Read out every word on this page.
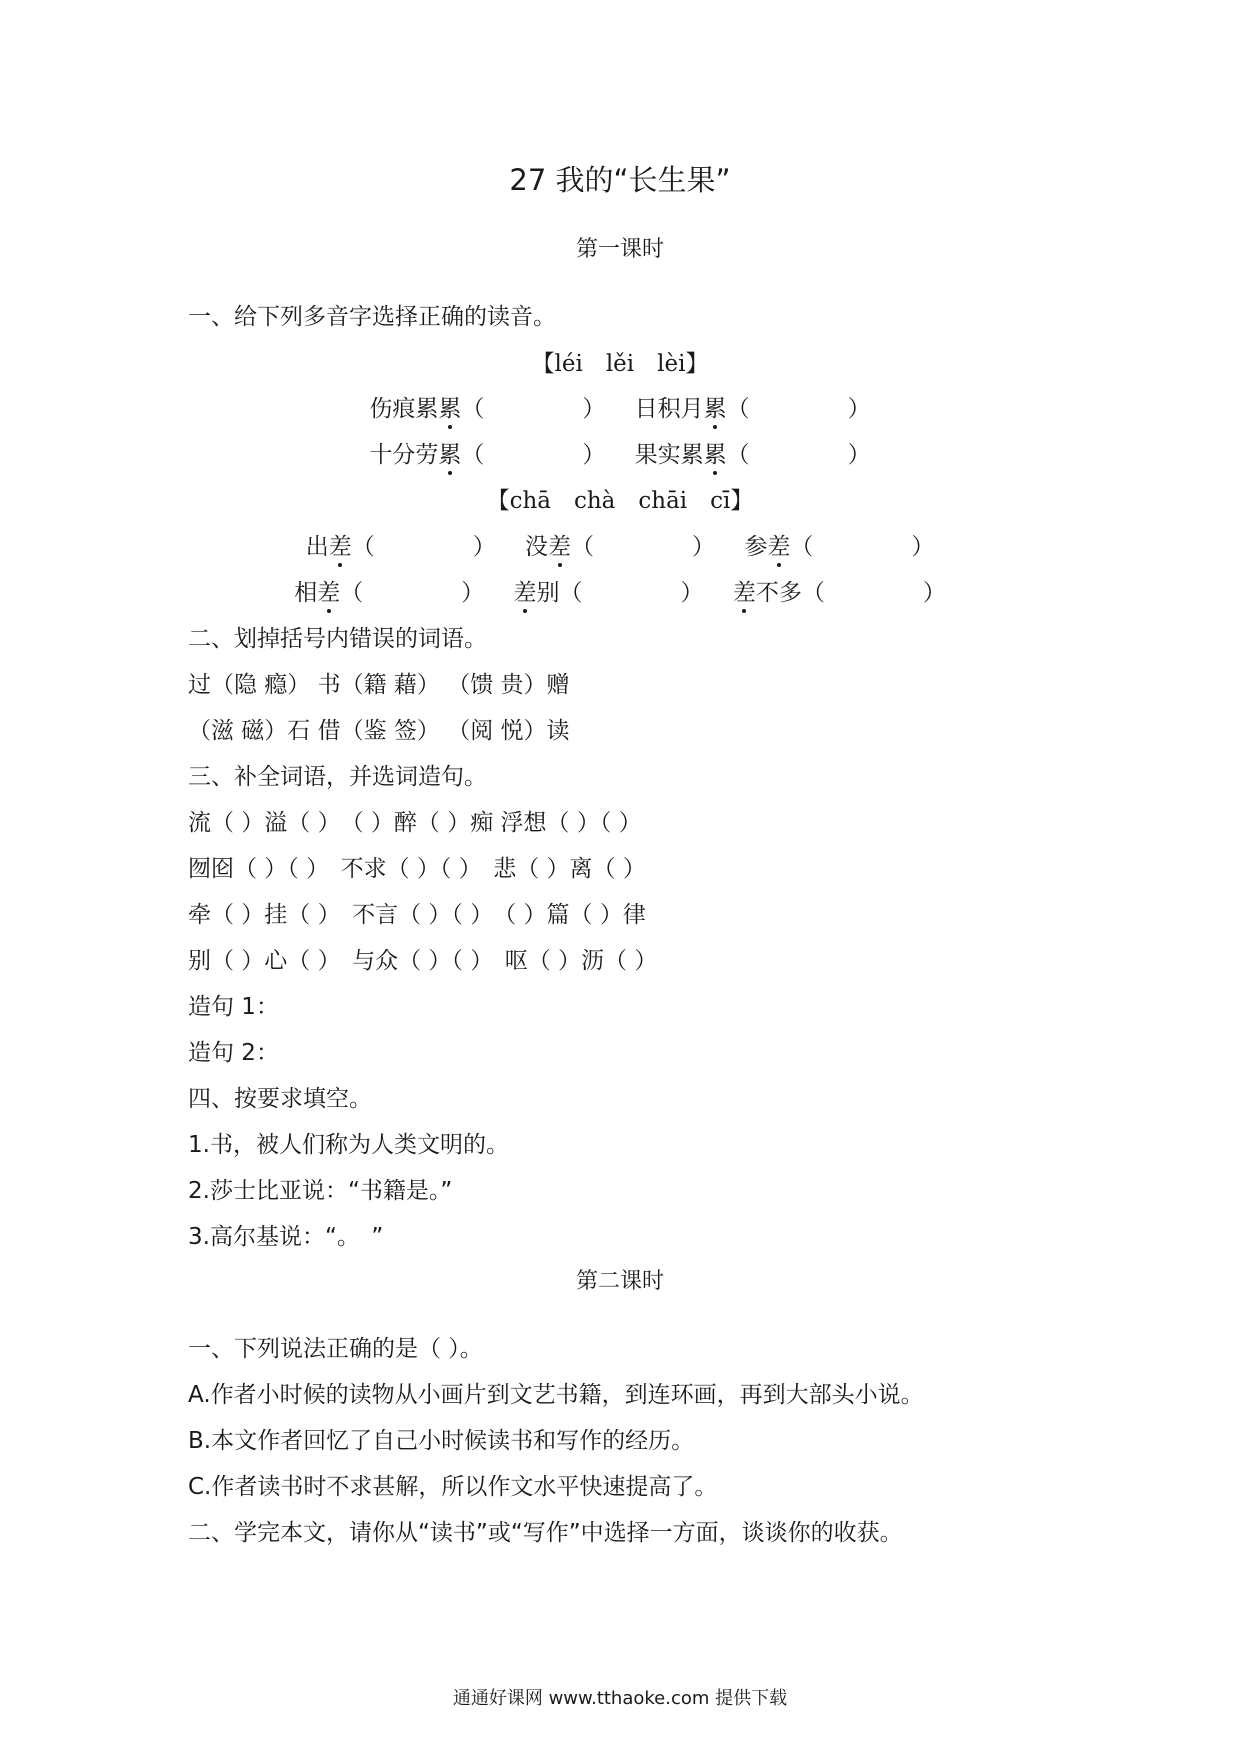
27 我的“长生果”
第一课时
一、给下列多音字选择正确的读音。
【léi　lěi　lèi】
伤痕累累（	） 日积月累（	）
十分劳累（	） 果实累累（	）
【chā　chà　chāi　cī】
出差（	） 没差（	） 参差（	）
相差（	） 差别（	） 差不多（	）
二、划掉括号内错误的词语。
过（隐 瘾） 书（籍 藉） （馈 贵）赠
（滋 磁）石 借（鉴 签） （阅 悦）读
三、补全词语，并选词造句。
流（ ）溢（ ）　（ ）醉（ ）痴 浮想（ ）（ ）
囫囵（ ）（ ）　不求（ ）（ ）　悲（ ）离（ ）
牵（ ）挂（ ）　不言（ ）（ ）　（ ）篇（ ）律
别（ ）心（ ）　与众（ ）（ ）　呕（ ）沥（ ）
造句 1：
造句 2：
四、按要求填空。
1.书，被人们称为人类文明的。
2.莎士比亚说：“书籍是。”
3.高尔基说：“。　”
第二课时
一、下列说法正确的是（ ）。
A.作者小时候的读物从小画片到文艺书籍，到连环画，再到大部头小说。
B.本文作者回忆了自己小时候读书和写作的经历。
C.作者读书时不求甚解，所以作文水平快速提高了。
二、学完本文，请你从“读书”或“写作”中选择一方面，谈谈你的收获。
通通好课网 www.tthaoke.com 提供下载
